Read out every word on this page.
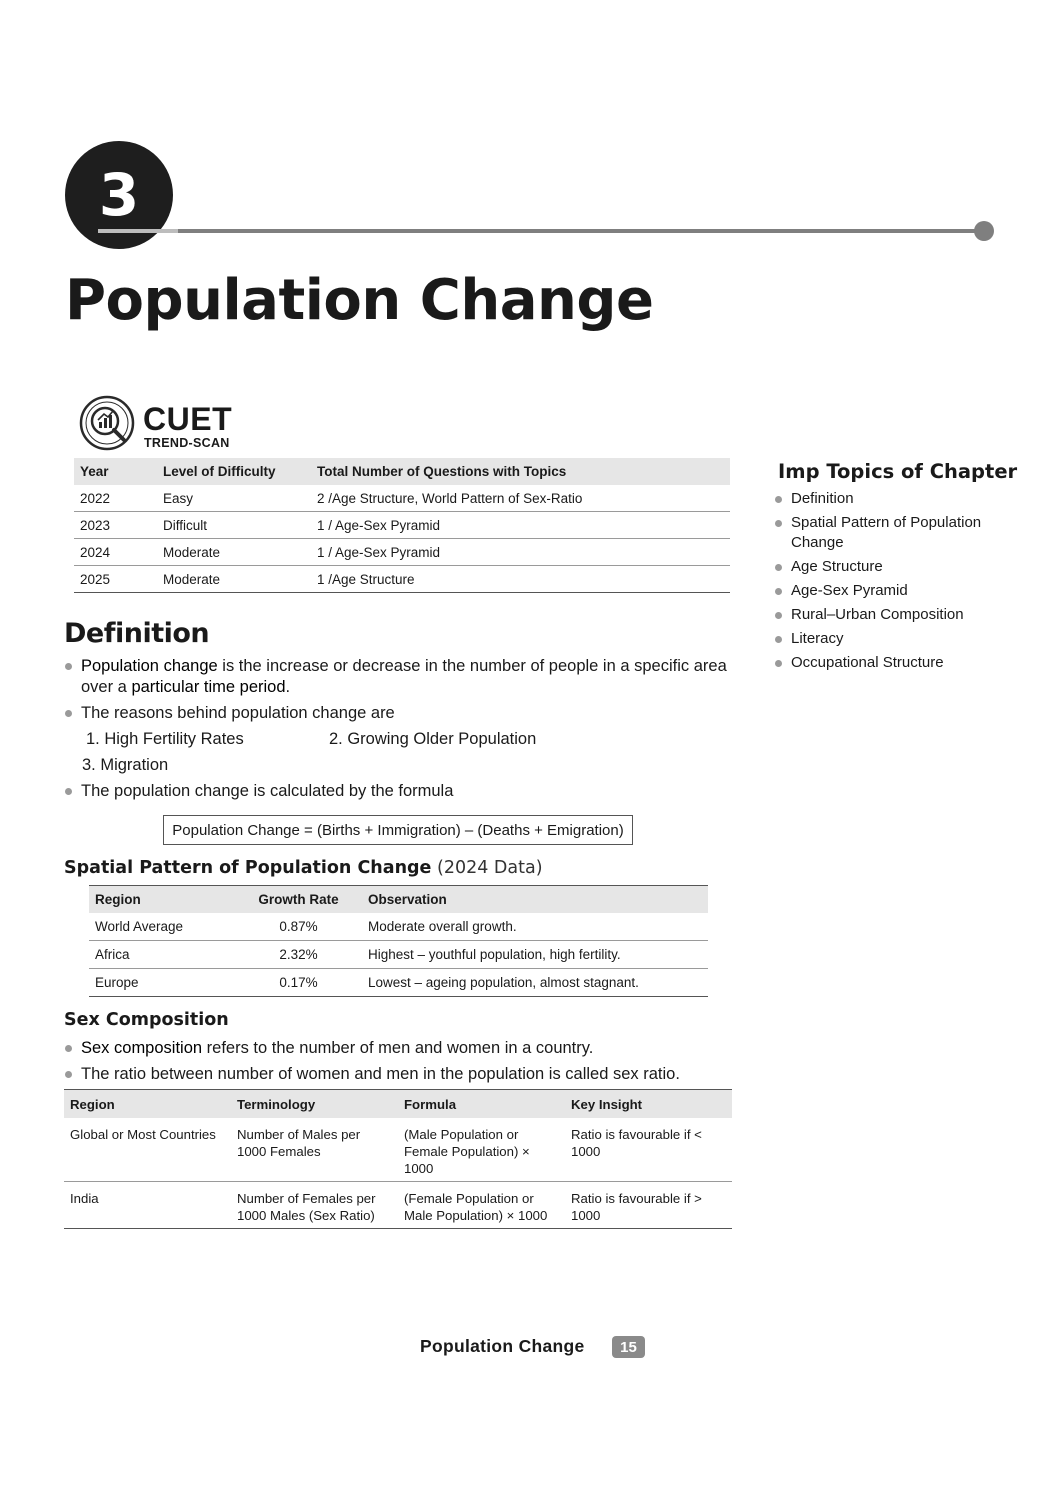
3
Population Change
CUET
TREND-SCAN
Year	Level of Difficulty	Total Number of Questions with Topics
2022	Easy	2 /Age Structure, World Pattern of Sex-Ratio
2023	Difficult	1 / Age-Sex Pyramid
2024	Moderate	1 / Age-Sex Pyramid
2025	Moderate	1 /Age Structure
Imp Topics of Chapter
Definition
Spatial Pattern of Population Change
Age Structure
Age-Sex Pyramid
Rural–Urban Composition
Literacy
Occupational Structure
Definition
Population change is the increase or decrease in the number of people in a specific area over a particular time period.
The reasons behind population change are
1. High Fertility Rates	2. Growing Older Population
3. Migration
The population change is calculated by the formula
Population Change = (Births + Immigration) – (Deaths + Emigration)
Spatial Pattern of Population Change (2024 Data)
Region	Growth Rate	Observation
World Average	0.87%	Moderate overall growth.
Africa	2.32%	Highest – youthful population, high fertility.
Europe	0.17%	Lowest – ageing population, almost stagnant.
Sex Composition
Sex composition refers to the number of men and women in a country.
The ratio between number of women and men in the population is called sex ratio.
Region	Terminology	Formula	Key Insight
Global or Most Countries	Number of Males per 1000 Females	(Male Population or Female Population) × 1000	Ratio is favourable if < 1000
India	Number of Females per 1000 Males (Sex Ratio)	(Female Population or Male Population) × 1000	Ratio is favourable if > 1000
Population Change 15
